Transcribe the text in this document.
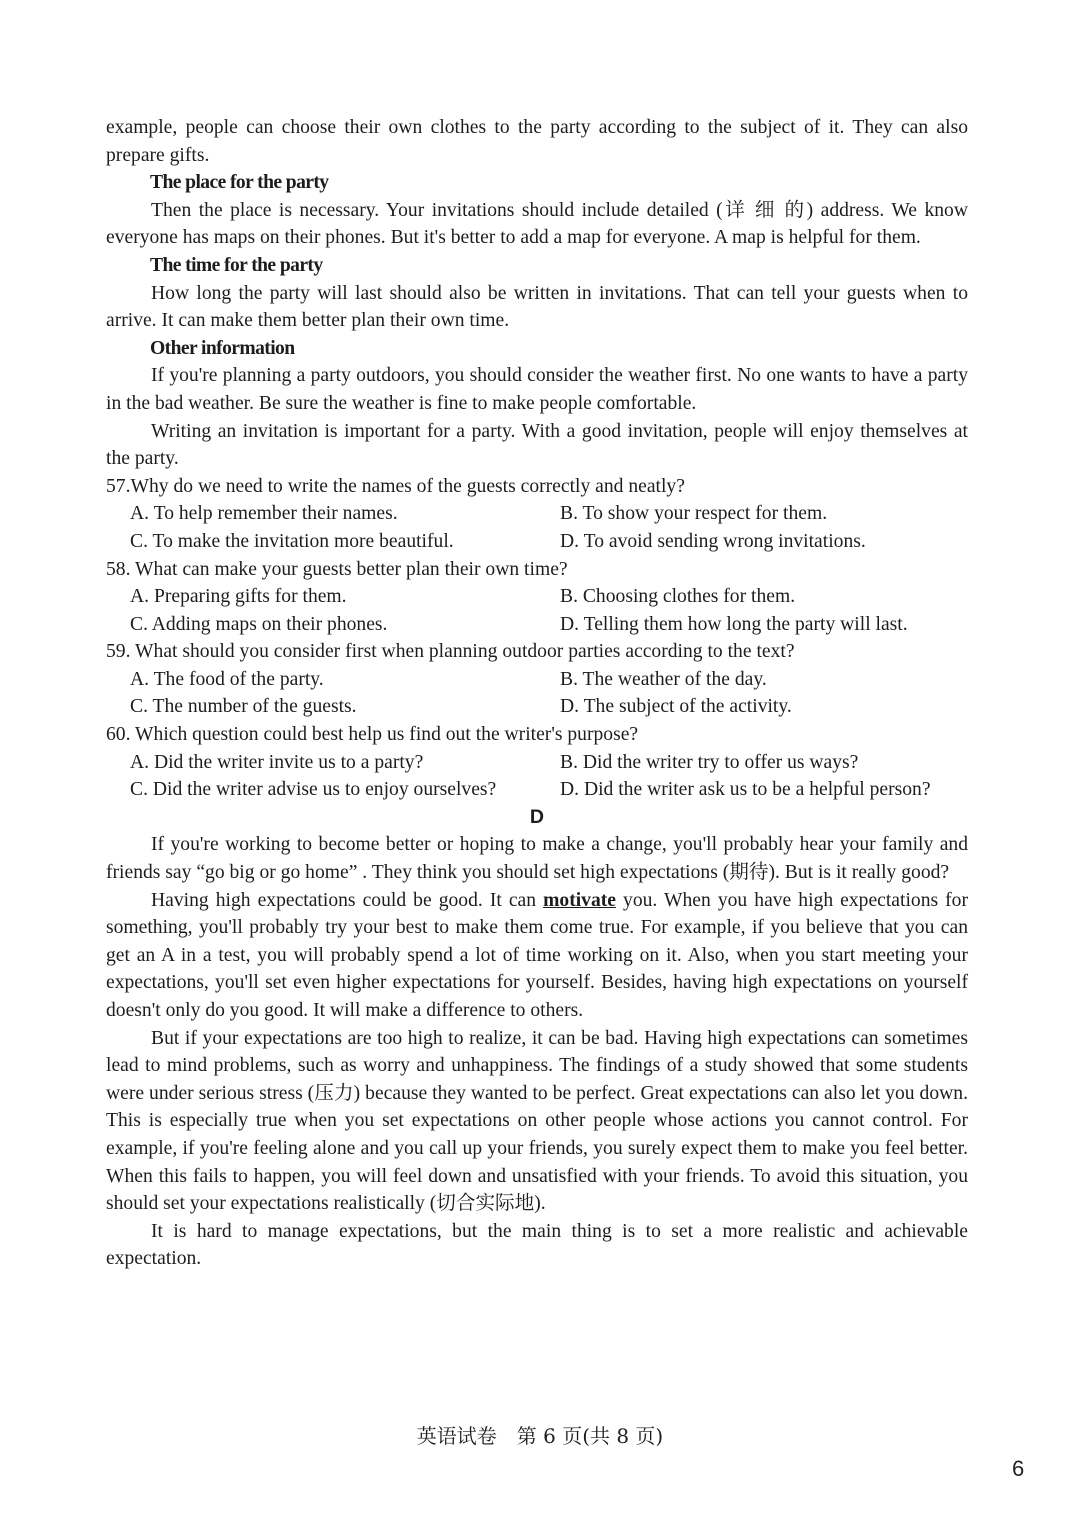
example, people can choose their own clothes to the party according to the subject of it. They can also prepare gifts.

The place for the party

Then the place is necessary. Your invitations should include detailed (详 细 的) address. We know everyone has maps on their phones. But it's better to add a map for everyone. A map is helpful for them.

The time for the party

How long the party will last should also be written in invitations. That can tell your guests when to arrive. It can make them better plan their own time.

Other information

If you're planning a party outdoors, you should consider the weather first. No one wants to have a party in the bad weather. Be sure the weather is fine to make people comfortable.

Writing an invitation is important for a party. With a good invitation, people will enjoy themselves at the party.

57.Why do we need to write the names of the guests correctly and neatly?

A. To help remember their names.	B. To show your respect for them.
C. To make the invitation more beautiful.	D. To avoid sending wrong invitations.

58. What can make your guests better plan their own time?

A. Preparing gifts for them.	B. Choosing clothes for them.
C. Adding maps on their phones.	D. Telling them how long the party will last.

59. What should you consider first when planning outdoor parties according to the text?

A. The food of the party.	B. The weather of the day.
C. The number of the guests.	D. The subject of the activity.

60. Which question could best help us find out the writer's purpose?

A. Did the writer invite us to a party?	B. Did the writer try to offer us ways?
C. Did the writer advise us to enjoy ourselves?	D. Did the writer ask us to be a helpful person?

D

If you're working to become better or hoping to make a change, you'll probably hear your family and friends say “go big or go home” . They think you should set high expectations (期待). But is it really good?

Having high expectations could be good. It can motivate you. When you have high expectations for something, you'll probably try your best to make them come true. For example, if you believe that you can get an A in a test, you will probably spend a lot of time working on it. Also, when you start meeting your expectations, you'll set even higher expectations for yourself. Besides, having high expectations on yourself doesn't only do you good. It will make a difference to others.

But if your expectations are too high to realize, it can be bad. Having high expectations can sometimes lead to mind problems, such as worry and unhappiness. The findings of a study showed that some students were under serious stress (压力) because they wanted to be perfect. Great expectations can also let you down. This is especially true when you set expectations on other people whose actions you cannot control. For example, if you're feeling alone and you call up your friends, you surely expect them to make you feel better. When this fails to happen, you will feel down and unsatisfied with your friends. To avoid this situation, you should set your expectations realistically (切合实际地).

It is hard to manage expectations, but the main thing is to set a more realistic and achievable expectation.

英语试卷　第 6 页(共 8 页)
6
